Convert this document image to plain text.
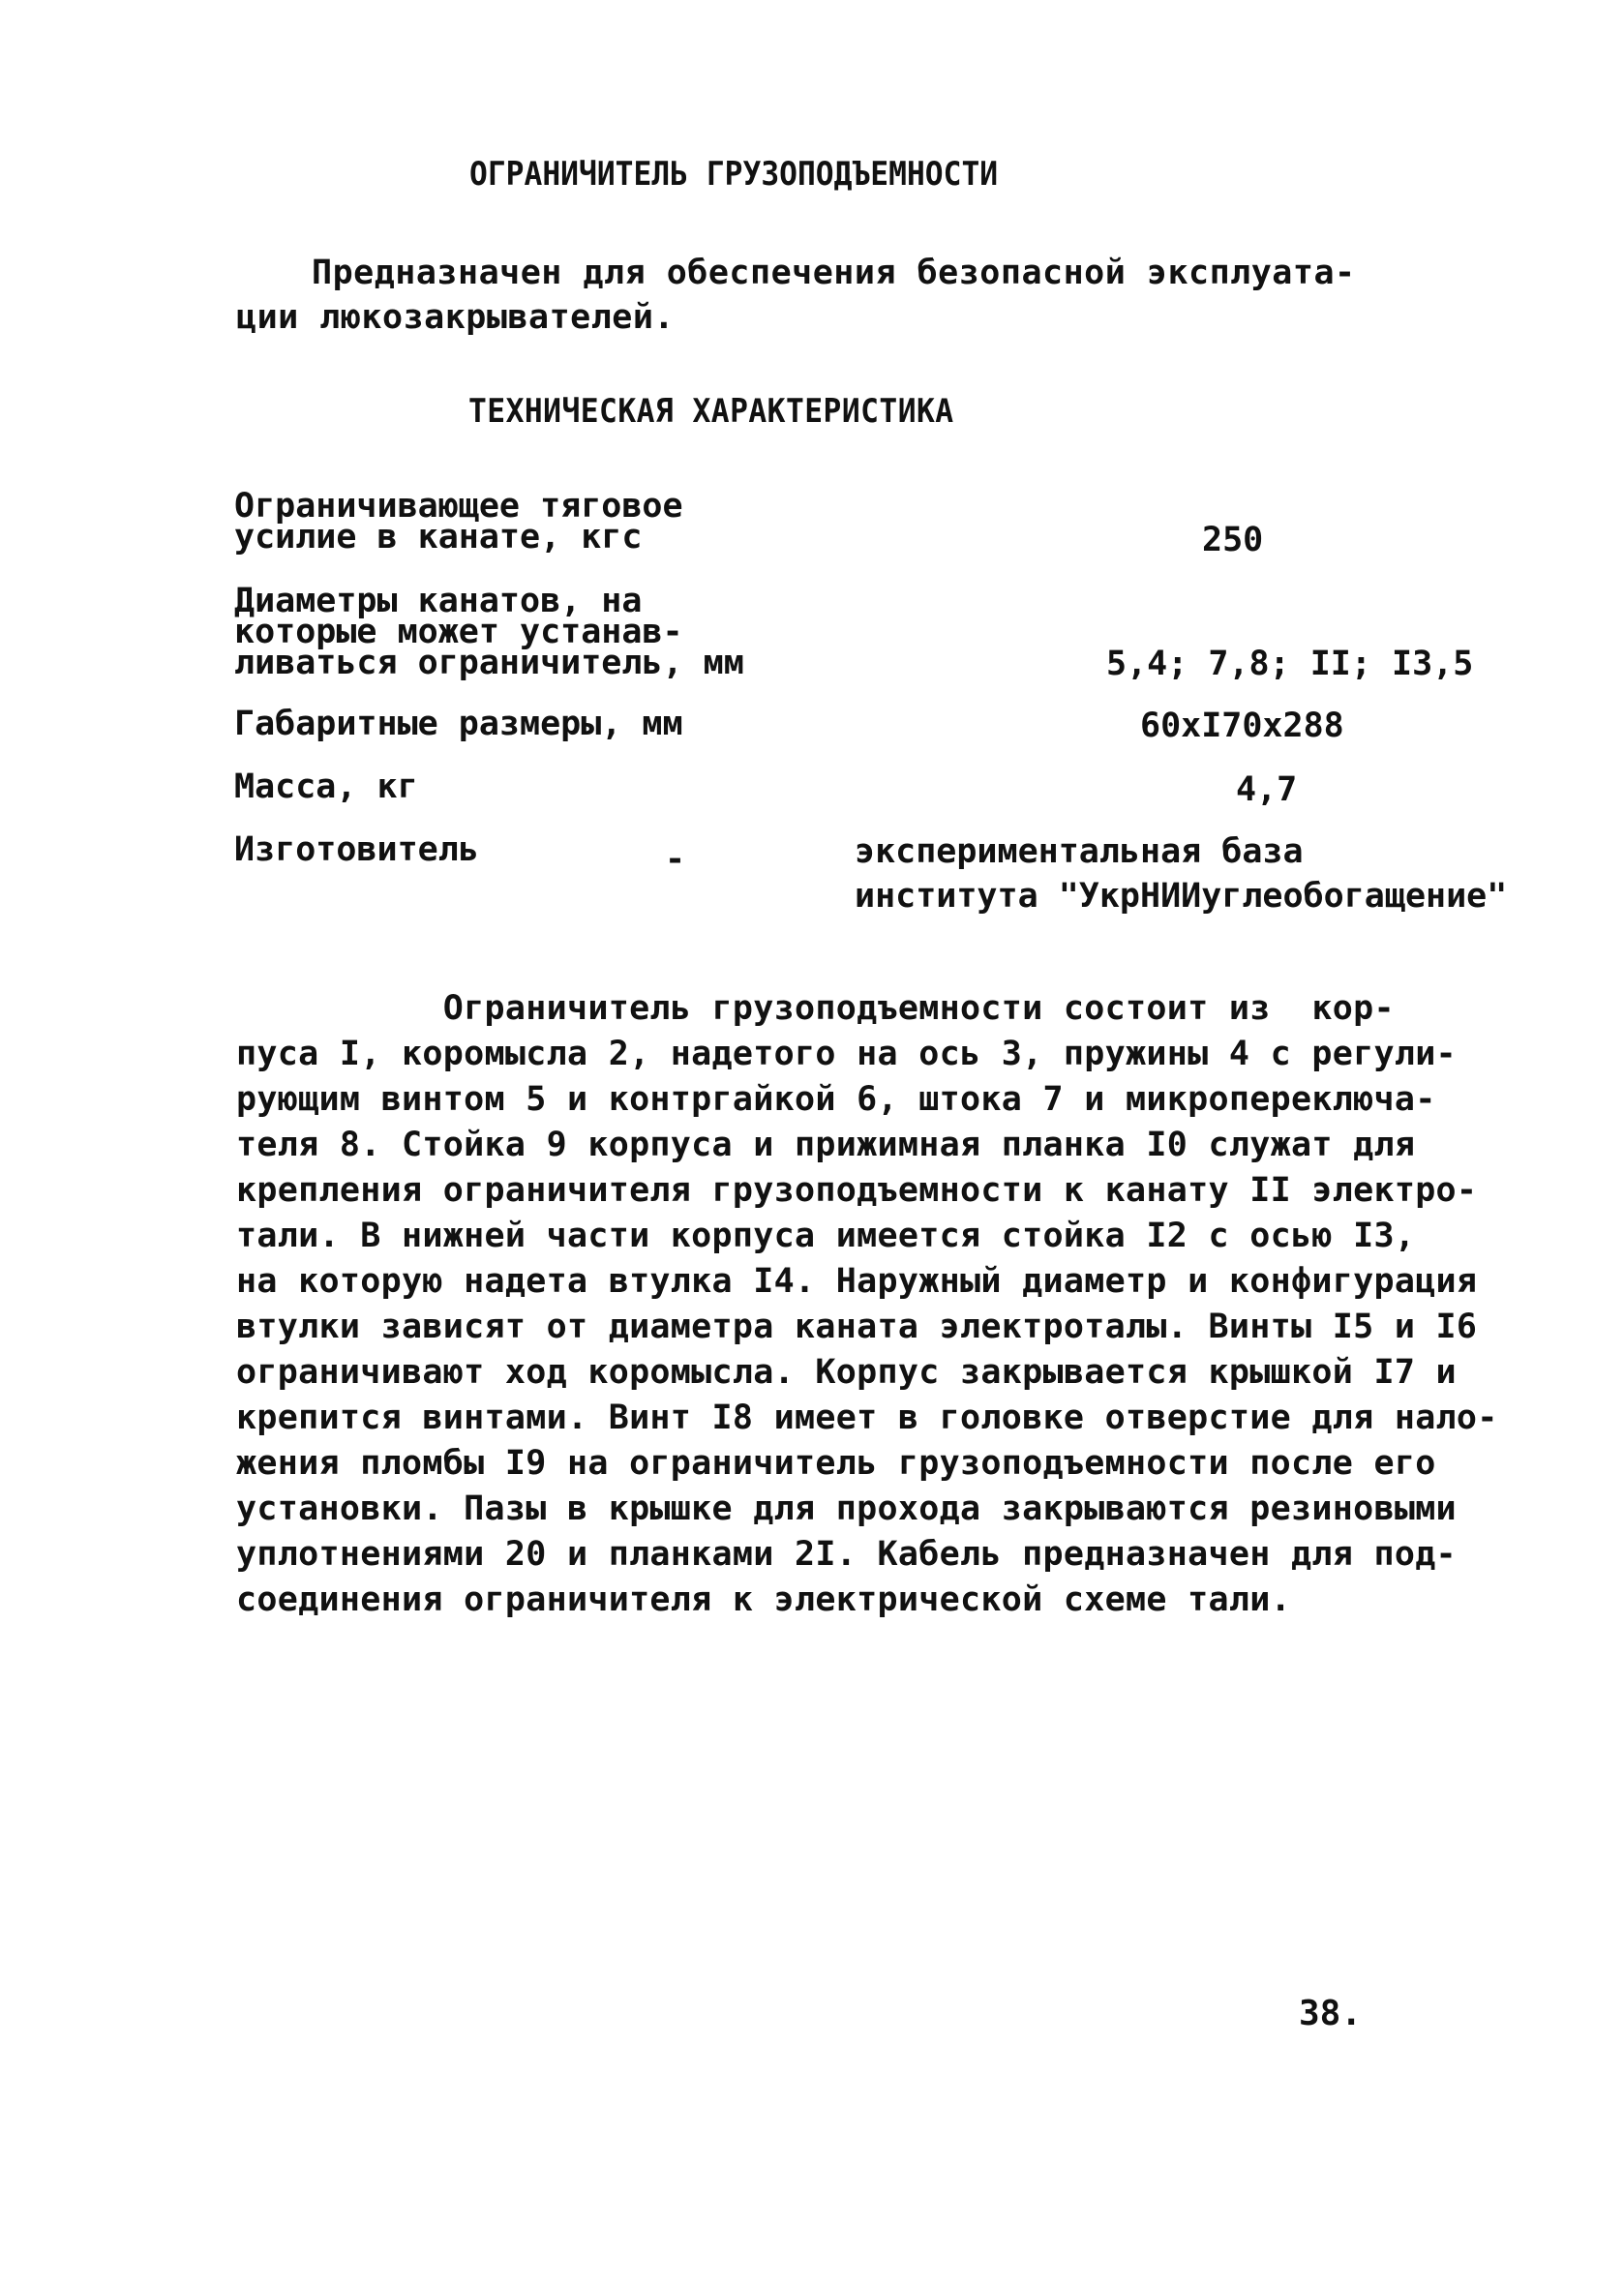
ОГРАНИЧИТЕЛЬ ГРУЗОПОДЪЕМНОСТИ
Предназначен для обеспечения безопасной эксплуата-
ции люкозакрывателей.
ТЕХНИЧЕСКАЯ ХАРАКТЕРИСТИКА
Ограничивающее тяговое
усилие в канате, кгс	250
Диаметры канатов, на
которые может устанав-
ливаться ограничитель, мм	5,4; 7,8; II; I3,5
Габаритные размеры, мм	60xI70x288
Масса, кг	4,7
Изготовитель	-	экспериментальная база
института "УкрНИИуглеобогащение"
Ограничитель грузоподъемности состоит из  кор-
пуса I, коромысла 2, надетого на ось 3, пружины 4 с регули-
рующим винтом 5 и контргайкой 6, штока 7 и микропереключа-
теля 8. Стойка 9 корпуса и прижимная планка I0 служат для
крепления ограничителя грузоподъемности к канату II электро-
тали. В нижней части корпуса имеется стойка I2 с осью I3,
на которую надета втулка I4. Наружный диаметр и конфигурация
втулки зависят от диаметра каната электроталы. Винты I5 и I6
ограничивают ход коромысла. Корпус закрывается крышкой I7 и
крепится винтами. Винт I8 имеет в головке отверстие для нало-
жения пломбы I9 на ограничитель грузоподъемности после его
установки. Пазы в крышке для прохода закрываются резиновыми
уплотнениями 20 и планками 2I. Кабель предназначен для под-
соединения ограничителя к электрической схеме тали.
38.
